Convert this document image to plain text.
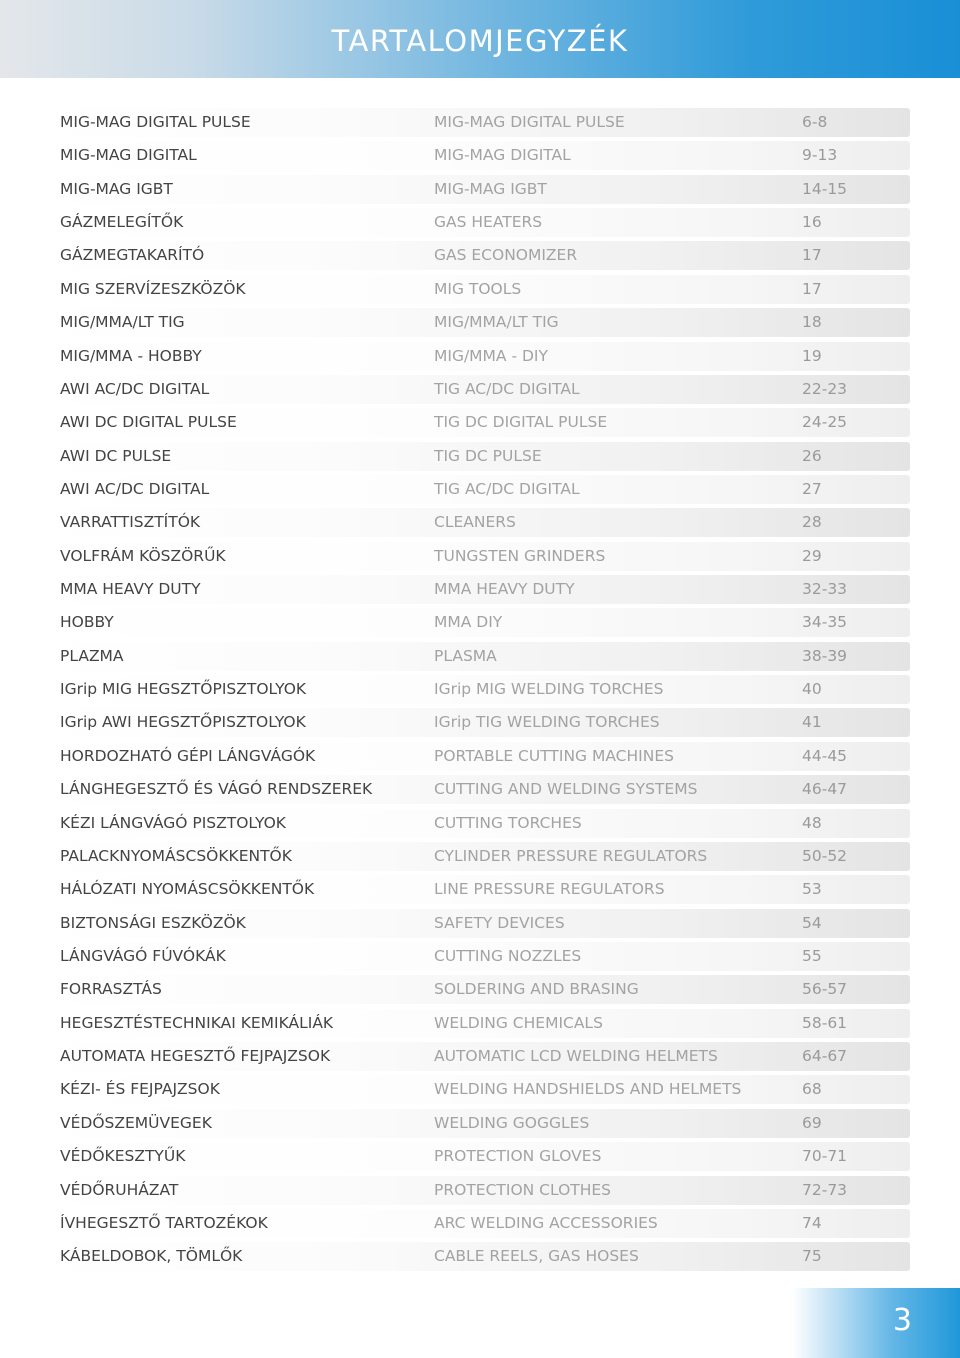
TARTALOMJEGYZÉK
MIG-MAG DIGITAL PULSE	MIG-MAG DIGITAL PULSE	6-8
MIG-MAG DIGITAL	MIG-MAG DIGITAL	9-13
MIG-MAG IGBT	MIG-MAG IGBT	14-15
GÁZMELEGÍTŐK	GAS HEATERS	16
GÁZMEGTAKARÍTÓ	GAS ECONOMIZER	17
MIG SZERVÍZESZKÖZÖK	MIG TOOLS	17
MIG/MMA/LT TIG	MIG/MMA/LT TIG	18
MIG/MMA - HOBBY	MIG/MMA - DIY	19
AWI AC/DC DIGITAL	TIG AC/DC DIGITAL	22-23
AWI DC DIGITAL PULSE	TIG DC DIGITAL PULSE	24-25
AWI DC PULSE	TIG DC PULSE	26
AWI AC/DC DIGITAL	TIG AC/DC DIGITAL	27
VARRATTISZTÍTÓK	CLEANERS	28
VOLFRÁM KÖSZÖRŰK	TUNGSTEN GRINDERS	29
MMA HEAVY DUTY	MMA HEAVY DUTY	32-33
HOBBY	MMA DIY	34-35
PLAZMA	PLASMA	38-39
IGrip MIG HEGSZTŐPISZTOLYOK	IGrip MIG WELDING TORCHES	40
IGrip AWI HEGSZTŐPISZTOLYOK	IGrip TIG WELDING TORCHES	41
HORDOZHATÓ GÉPI LÁNGVÁGÓK	PORTABLE CUTTING MACHINES	44-45
LÁNGHEGESZTŐ ÉS VÁGÓ RENDSZEREK	CUTTING AND WELDING SYSTEMS	46-47
KÉZI LÁNGVÁGÓ PISZTOLYOK	CUTTING TORCHES	48
PALACKNYOMÁSCSÖKKENTŐK	CYLINDER PRESSURE REGULATORS	50-52
HÁLÓZATI NYOMÁSCSÖKKENTŐK	LINE PRESSURE REGULATORS	53
BIZTONSÁGI ESZKÖZÖK	SAFETY DEVICES	54
LÁNGVÁGÓ FÚVÓKÁK	CUTTING NOZZLES	55
FORRASZTÁS	SOLDERING AND BRASING	56-57
HEGESZTÉSTECHNIKAI KEMIKÁLIÁK	WELDING CHEMICALS	58-61
AUTOMATA HEGESZTŐ FEJPAJZSOK	AUTOMATIC LCD WELDING HELMETS	64-67
KÉZI- ÉS FEJPAJZSOK	WELDING HANDSHIELDS AND HELMETS	68
VÉDŐSZEMÜVEGEK	WELDING GOGGLES	69
VÉDŐKESZTYŰK	PROTECTION GLOVES	70-71
VÉDŐRUHÁZAT	PROTECTION CLOTHES	72-73
ÍVHEGESZTŐ TARTOZÉKOK	ARC WELDING ACCESSORIES	74
KÁBELDOBOK, TÖMLŐK	CABLE REELS, GAS HOSES	75
3
